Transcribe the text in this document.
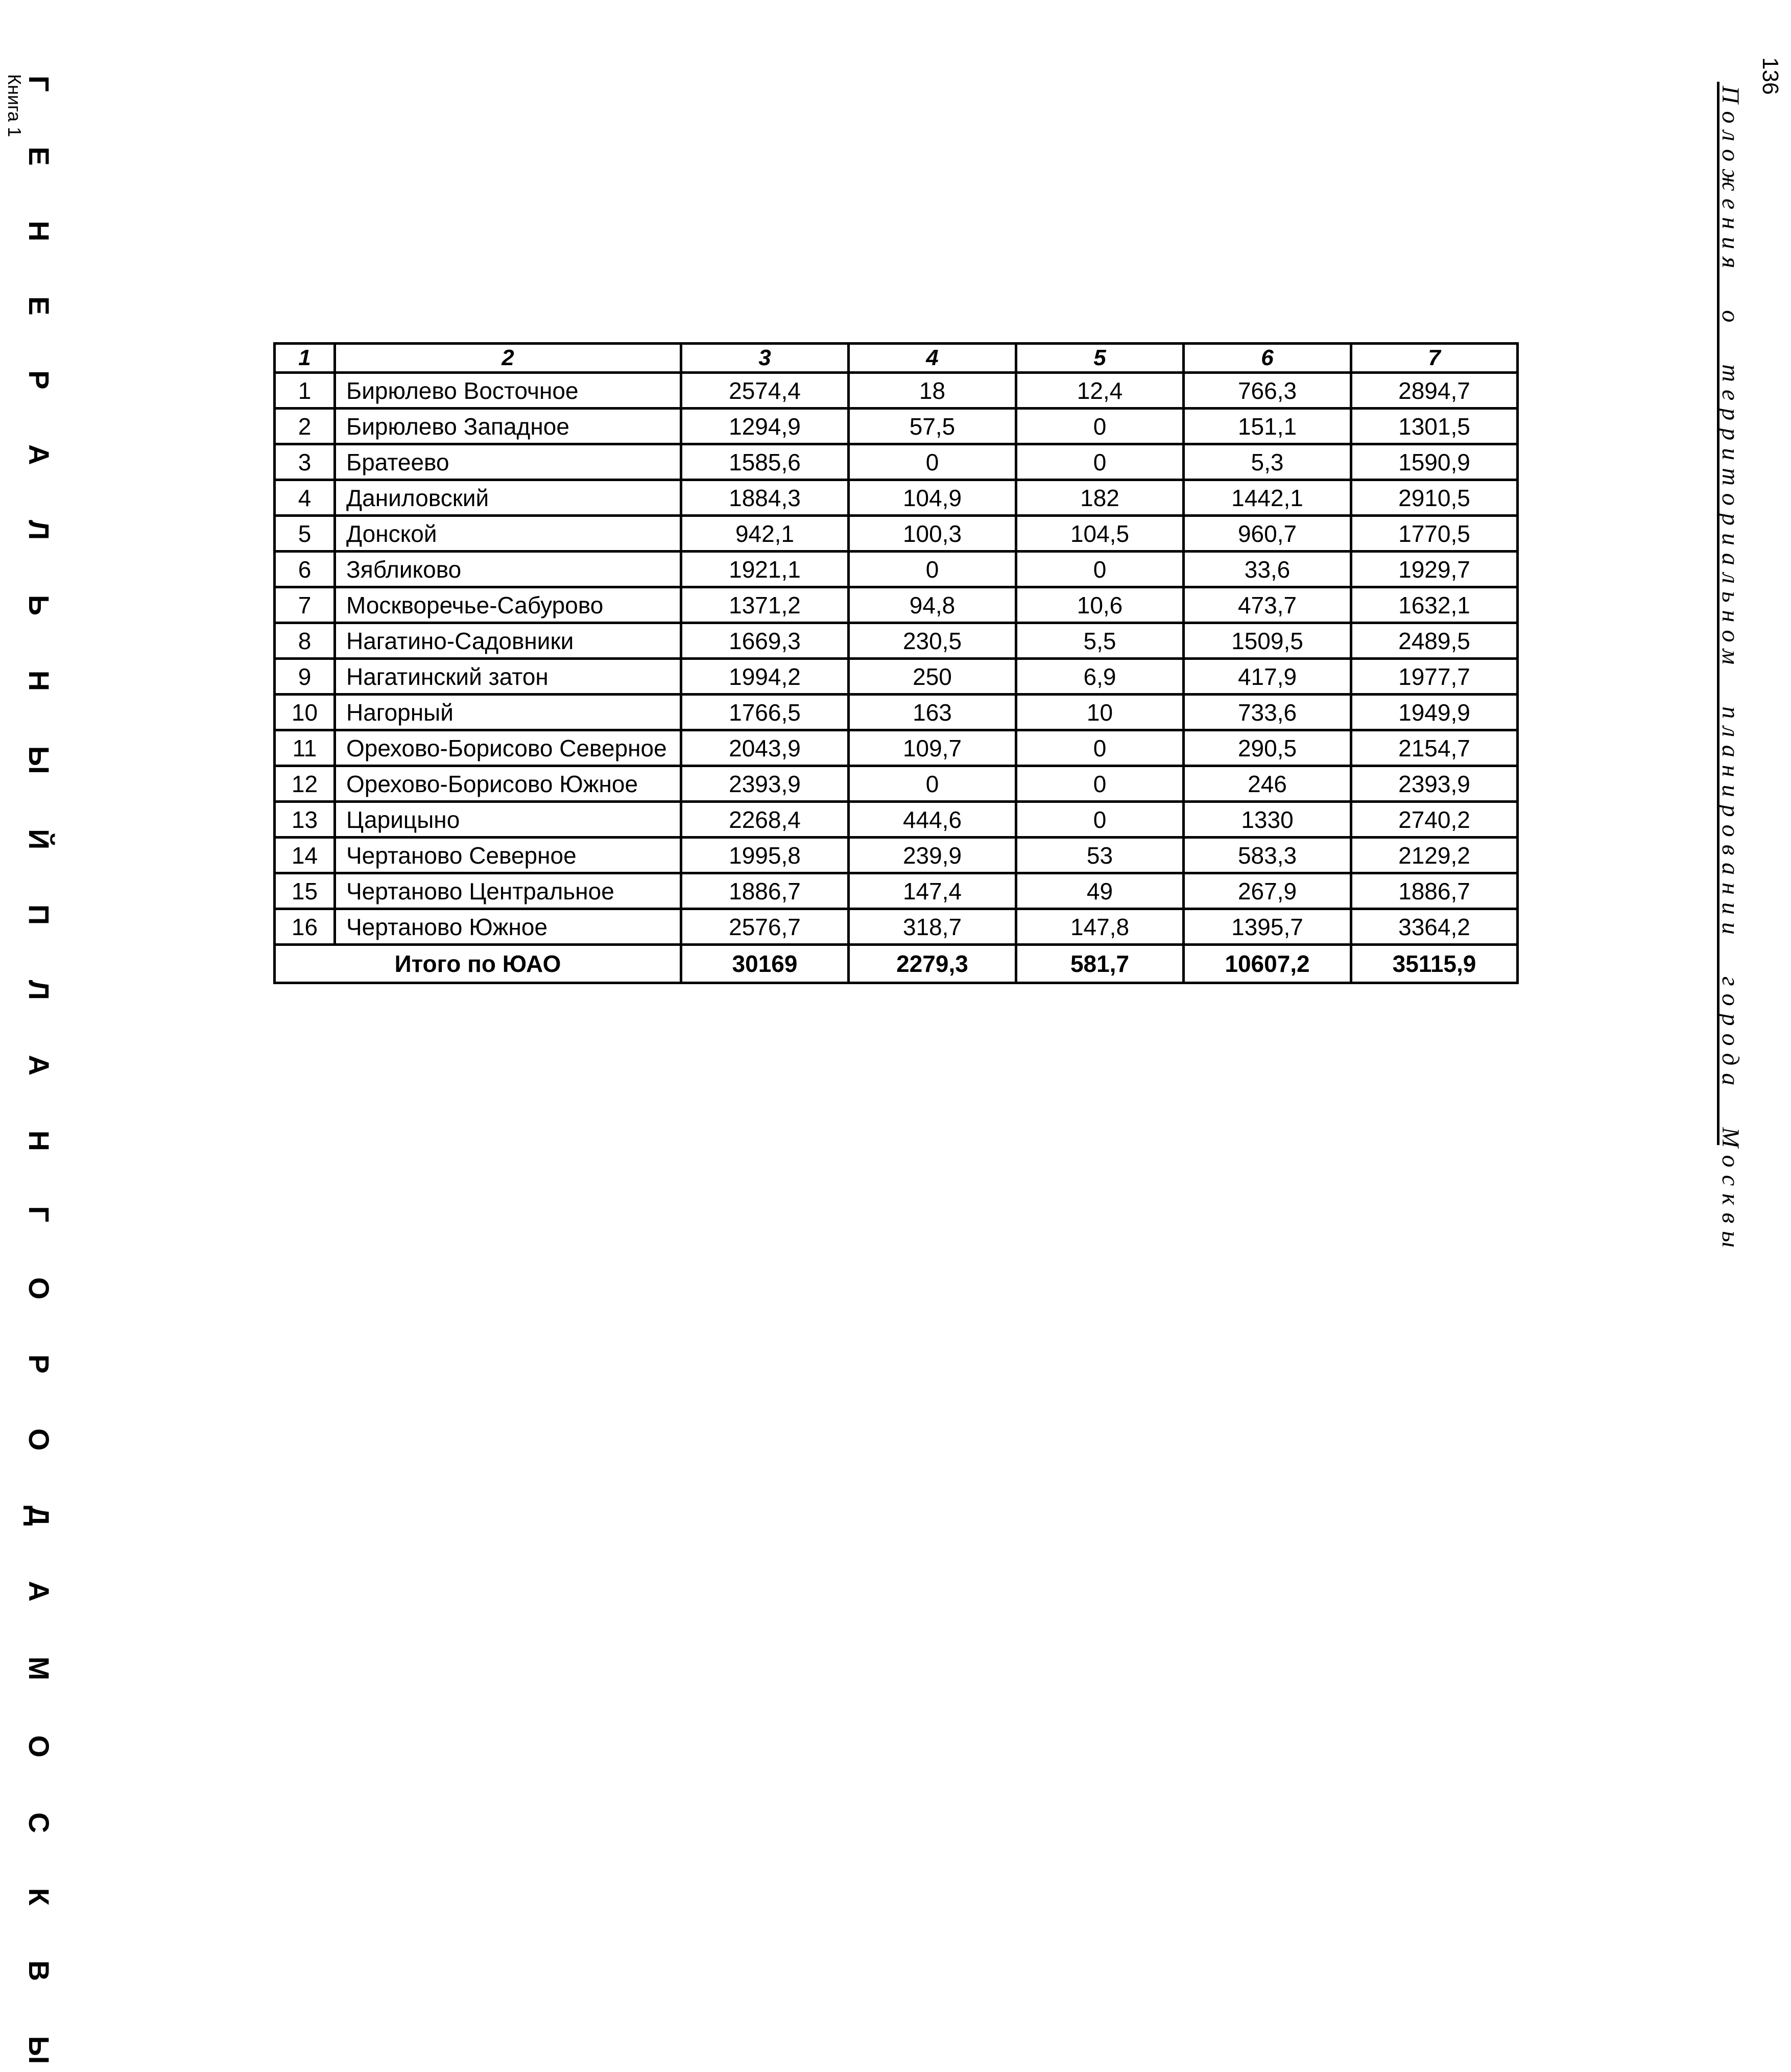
Г Е Н Е Р А Л Ь Н Ы Й П Л А Н Г О Р О Д А М О С К В Ы
Книга 1	Положения о территориальном планировании города Москвы
136
1	2	3	4	5	6	7
1	Бирюлево Восточное	2574,4	18	12,4	766,3	2894,7
2	Бирюлево Западное	1294,9	57,5	0	151,1	1301,5
3	Братеево	1585,6	0	0	5,3	1590,9
4	Даниловский	1884,3	104,9	182	1442,1	2910,5
5	Донской	942,1	100,3	104,5	960,7	1770,5
6	Зябликово	1921,1	0	0	33,6	1929,7
7	Москворечье-Сабурово	1371,2	94,8	10,6	473,7	1632,1
8	Нагатино-Садовники	1669,3	230,5	5,5	1509,5	2489,5
9	Нагатинский затон	1994,2	250	6,9	417,9	1977,7
10	Нагорный	1766,5	163	10	733,6	1949,9
11	Орехово-Борисово Северное	2043,9	109,7	0	290,5	2154,7
12	Орехово-Борисово Южное	2393,9	0	0	246	2393,9
13	Царицыно	2268,4	444,6	0	1330	2740,2
14	Чертаново Северное	1995,8	239,9	53	583,3	2129,2
15	Чертаново Центральное	1886,7	147,4	49	267,9	1886,7
16	Чертаново Южное	2576,7	318,7	147,8	1395,7	3364,2
Итого по ЮАО		30169	2279,3	581,7	10607,2	35115,9
